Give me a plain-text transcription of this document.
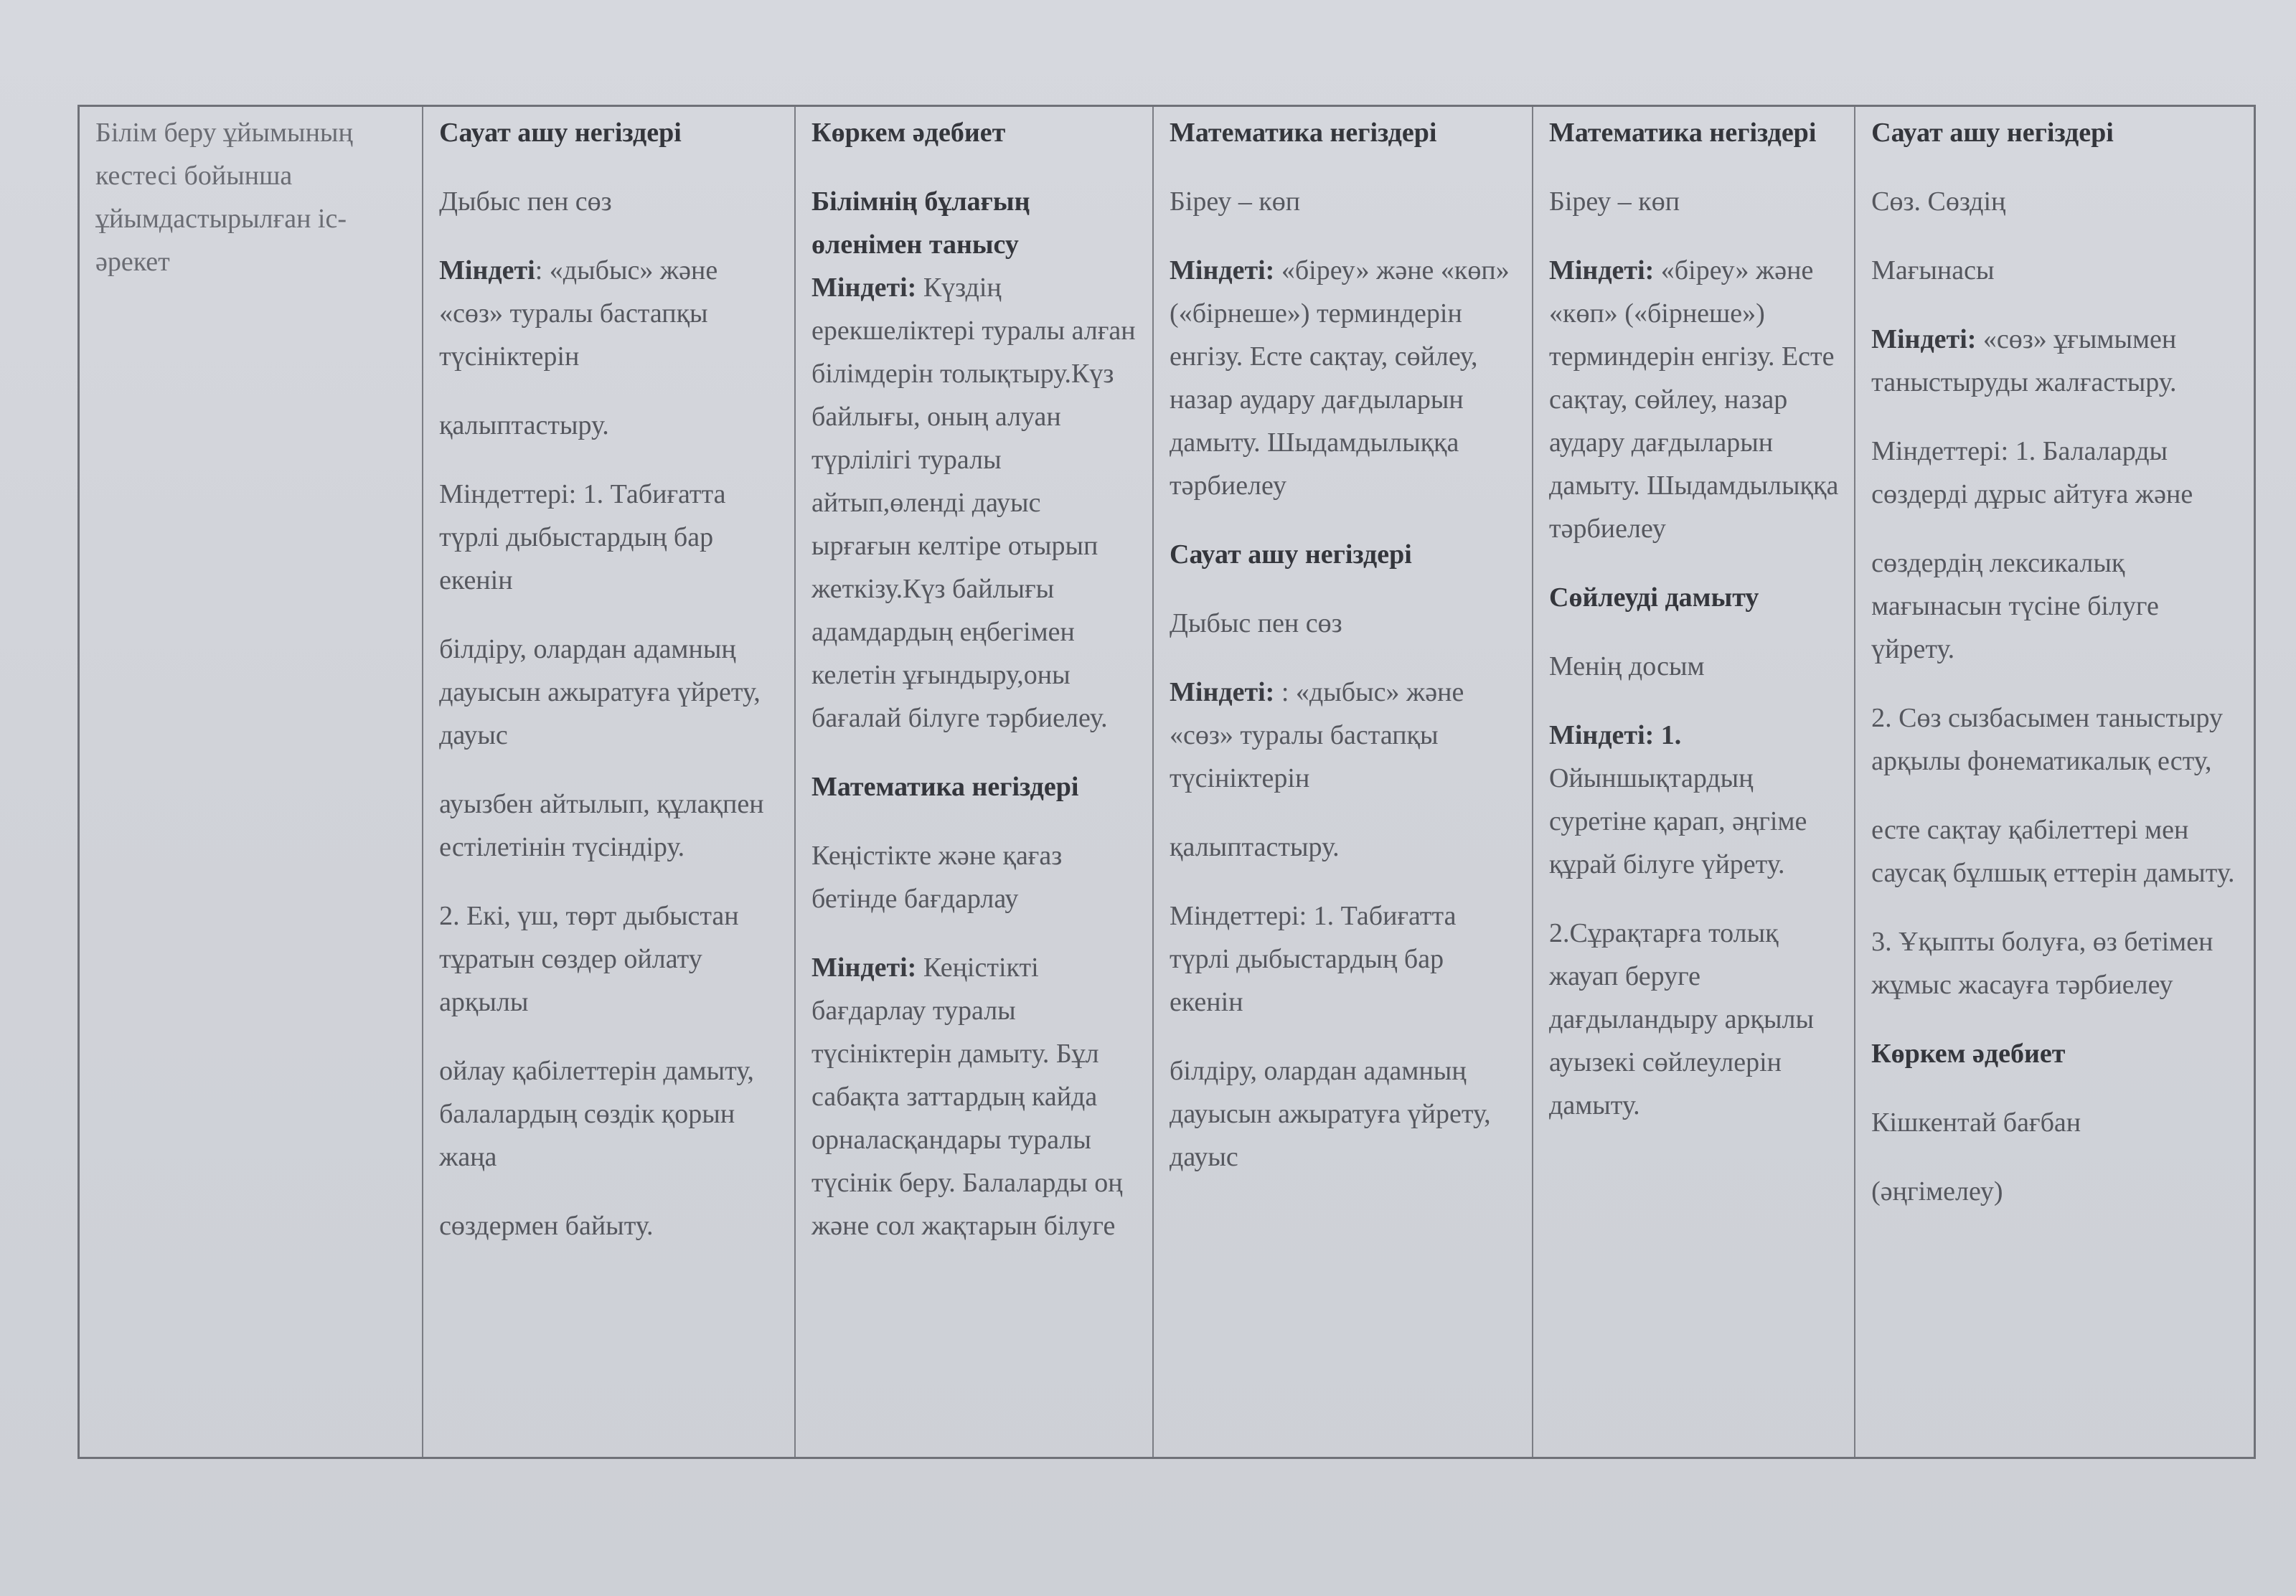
Білім беру ұйымының кестесі бойынша ұйымдастырылған іс-әрекет

Сауат ашу негіздері

Дыбыс пен сөз

Міндеті: «дыбыс» және «сөз» туралы бастапқы түсініктерін

қалыптастыру.

Міндеттері: 1. Табиғатта түрлі дыбыстардың бар екенін

білдіру, олардан адамның дауысын ажыратуға үйрету, дауыс

ауызбен айтылып, құлақпен естілетінін түсіндіру.

2. Екі, үш, төрт дыбыстан тұратын сөздер ойлату арқылы

ойлау қабілеттерін дамыту, балалардың сөздік қорын жаңа

сөздермен байыту.

Көркем әдебиет

Білімнің бұлағың өленімен танысу

Міндеті: Күздің ерекшеліктері туралы алған білімдерін толықтыру.Күз байлығы, оның алуан түрлілігі туралы айтып,өленді дауыс ырғағын келтіре отырып жеткізу.Күз байлығы адамдардың еңбегімен келетін ұғындыру,оны бағалай білуге тәрбиелеу.

Математика негіздері

Кеңістікте және қағаз бетінде бағдарлау

Міндеті: Кеңістікті бағдарлау туралы түсініктерін дамыту. Бұл сабақта заттардың кайда орналасқандары туралы түсінік беру. Балаларды оң және сол жақтарын білуге

Математика негіздері

Біреу – көп

Міндеті: «біреу» және «көп» («бірнеше») терминдерін енгізу. Есте сақтау, сөйлеу, назар аудару дағдыларын дамыту. Шыдамдылыққа тәрбиелеу

Сауат ашу негіздері

Дыбыс пен сөз

Міндеті: : «дыбыс» және «сөз» туралы бастапқы түсініктерін

қалыптастыру.

Міндеттері: 1. Табиғатта түрлі дыбыстардың бар екенін

білдіру, олардан адамның дауысын ажыратуға үйрету, дауыс

Математика негіздері

Біреу – көп

Міндеті: «біреу» және «көп» («бірнеше») терминдерін енгізу. Есте сақтау, сөйлеу, назар аудару дағдыларын дамыту. Шыдамдылыққа тәрбиелеу

Сөйлеуді дамыту

Менің досым

Міндеті: 1. Ойыншықтардың суретіне қарап, әңгіме құрай білуге үйрету.

2.Сұрақтарға толық жауап беруге дағдыландыру арқылы ауызекі сөйлеулерін дамыту.

Сауат ашу негіздері

Сөз. Сөздің

Мағынасы

Міндеті: «сөз» ұғымымен таныстыруды жалғастыру.

Міндеттері: 1. Балаларды сөздерді дұрыс айтуға және

сөздердің лексикалық мағынасын түсіне білуге үйрету.

2. Сөз сызбасымен таныстыру арқылы фонематикалық есту,

есте сақтау қабілеттері мен саусақ бұлшық еттерін дамыту.

3. Ұқыпты болуға, өз бетімен жұмыс жасауға тәрбиелеу

Көркем әдебиет

Кішкентай бағбан

(әңгімелеу)
